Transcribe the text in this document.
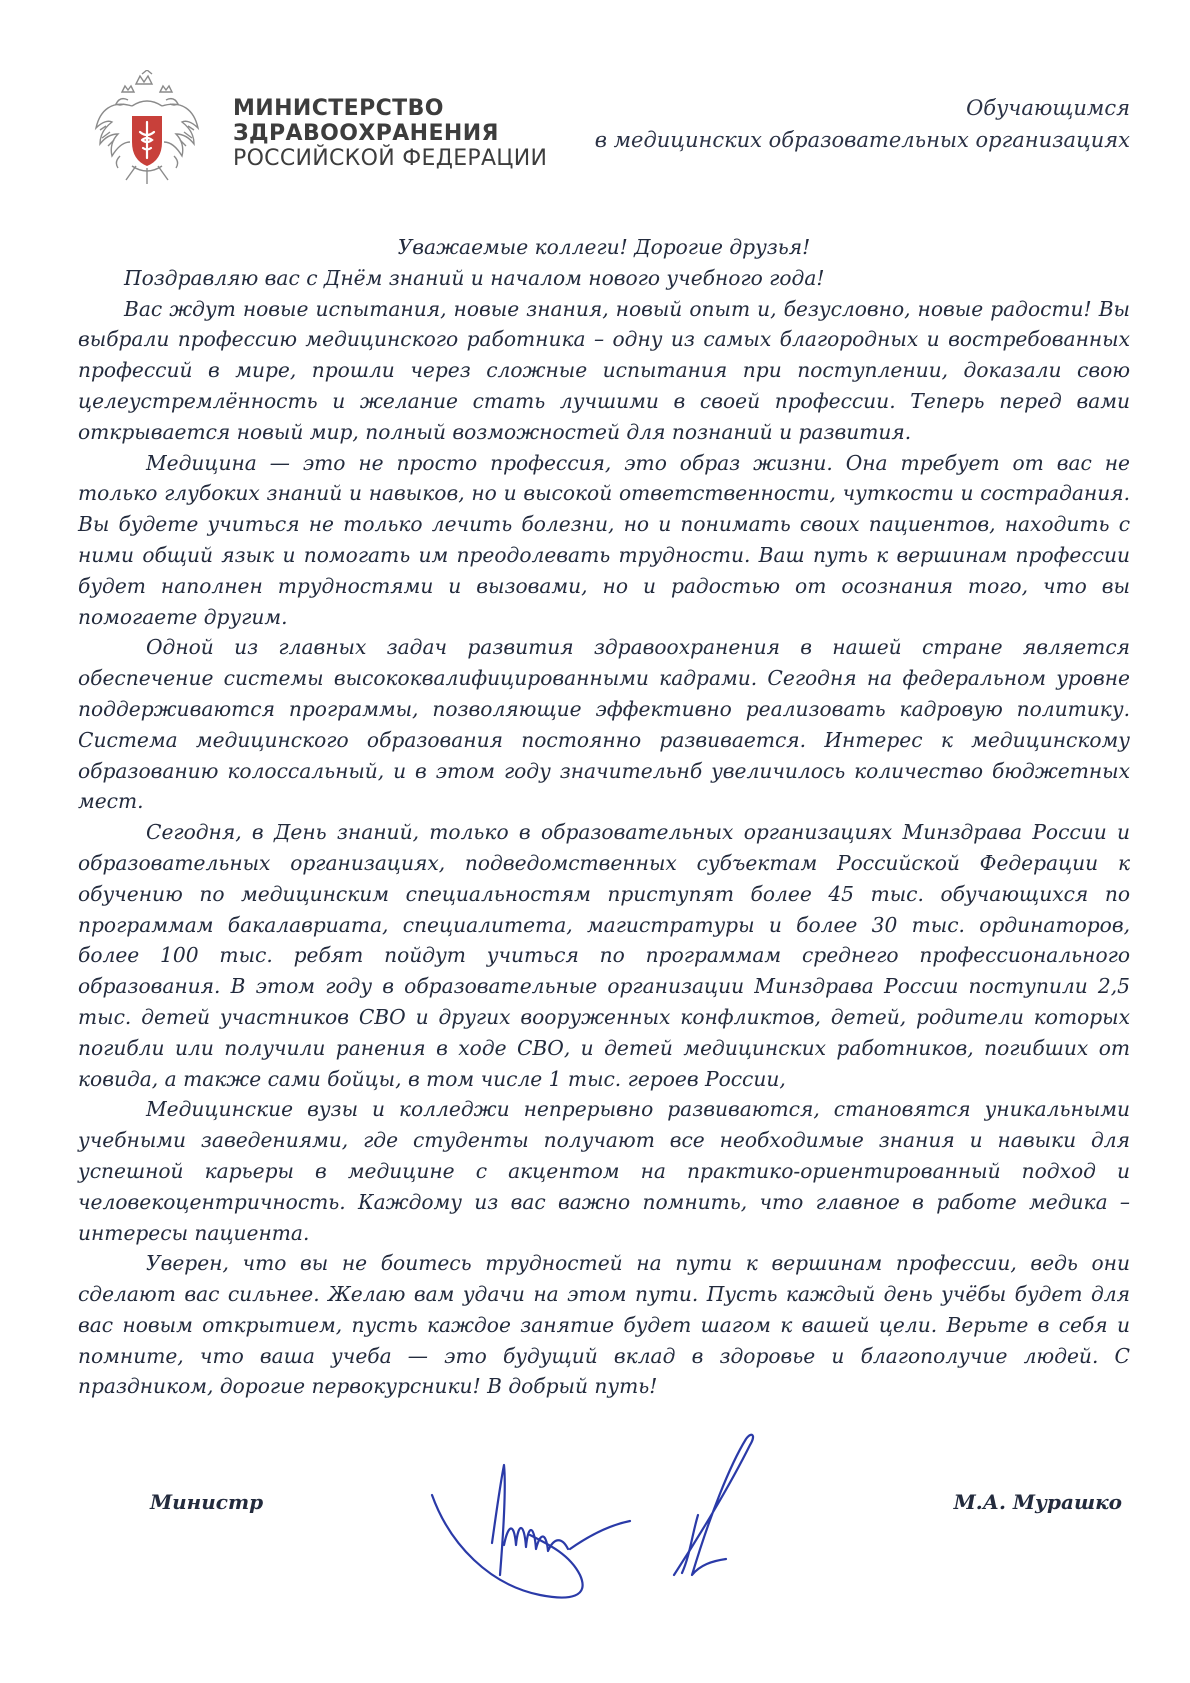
МИНИСТЕРСТВО
ЗДРАВООХРАНЕНИЯ
РОССИЙСКОЙ ФЕДЕРАЦИИ
Обучающимся
в медицинских образовательных организациях

Уважаемые коллеги! Дорогие друзья!

Поздравляю вас с Днём знаний и началом нового учебного года!

Вас ждут новые испытания, новые знания, новый опыт и, безусловно, новые радости! Вы выбрали профессию медицинского работника – одну из самых благородных и востребованных профессий в мире, прошли через сложные испытания при поступлении, доказали свою целеустремлённость и желание стать лучшими в своей профессии. Теперь перед вами открывается новый мир, полный возможностей для познаний и развития.

Медицина — это не просто профессия, это образ жизни. Она требует от вас не только глубоких знаний и навыков, но и высокой ответственности, чуткости и сострадания. Вы будете учиться не только лечить болезни, но и понимать своих пациентов, находить с ними общий язык и помогать им преодолевать трудности. Ваш путь к вершинам профессии будет наполнен трудностями и вызовами, но и радостью от осознания того, что вы помогаете другим.

Одной из главных задач развития здравоохранения в нашей стране является обеспечение системы высококвалифицированными кадрами. Сегодня на федеральном уровне поддерживаются программы, позволяющие эффективно реализовать кадровую политику. Система медицинского образования постоянно развивается. Интерес к медицинскому образованию колоссальный, и в этом году значительнб увеличилось количество бюджетных мест.

Сегодня, в День знаний, только в образовательных организациях Минздрава России и образовательных организациях, подведомственных субъектам Российской Федерации к обучению по медицинским специальностям приступят более 45 тыс. обучающихся по программам бакалавриата, специалитета, магистратуры и более 30 тыс. ординаторов, более 100 тыс. ребят пойдут учиться по программам среднего профессионального образования. В этом году в образовательные организации Минздрава России поступили 2,5 тыс. детей участников СВО и других вооруженных конфликтов, детей, родители которых погибли или получили ранения в ходе СВО, и детей медицинских работников, погибших от ковида, а также сами бойцы, в том числе 1 тыс. героев России,

Медицинские вузы и колледжи непрерывно развиваются, становятся уникальными учебными заведениями, где студенты получают все необходимые знания и навыки для успешной карьеры в медицине с акцентом на практико-ориентированный подход и человекоцентричность. Каждому из вас важно помнить, что главное в работе медика – интересы пациента.

Уверен, что вы не боитесь трудностей на пути к вершинам профессии, ведь они сделают вас сильнее. Желаю вам удачи на этом пути. Пусть каждый день учёбы будет для вас новым открытием, пусть каждое занятие будет шагом к вашей цели. Верьте в себя и помните, что ваша учеба — это будущий вклад в здоровье и благополучие людей. С праздником, дорогие первокурсники! В добрый путь!

Министр	М.А. Мурашко
